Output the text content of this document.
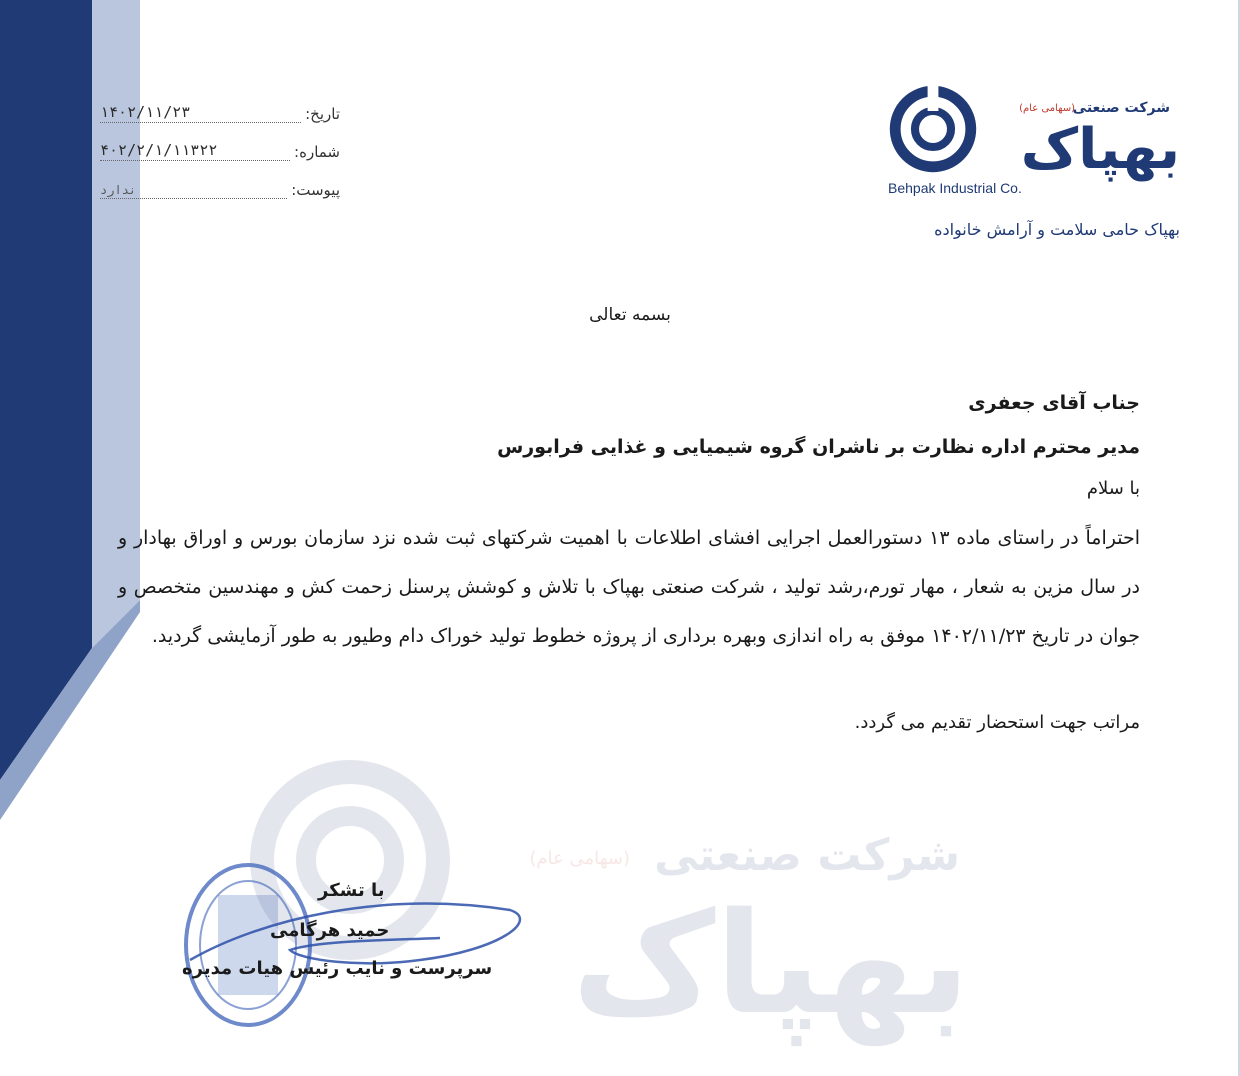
شرکت صنعتی
(سهامی عام)
بهپاک
تاریخ:
۱۴۰۲/۱۱/۲۳
شماره:
۴۰۲/۲/۱/۱۱۳۲۲
پیوست:
ندارد
شرکت صنعتی
(سهامی عام)
بهپاک
Behpak Industrial Co.
بهپاک حامی سلامت و آرامش خانواده
بسمه تعالی
جناب آقای جعفری
مدیر محترم اداره نظارت بر ناشران گروه شیمیایی و غذایی فرابورس
با سلام
احتراماً در راستای ماده ۱۳ دستورالعمل اجرایی افشای اطلاعات با اهمیت شرکتهای ثبت شده نزد سازمان بورس و اوراق بهادار و در سال مزین به شعار ، مهار تورم،رشد تولید ، شرکت صنعتی بهپاک با تلاش و کوشش پرسنل زحمت کش و مهندسین متخصص و جوان در تاریخ ۱۴۰۲/۱۱/۲۳ موفق به راه اندازی وبهره برداری از پروژه خطوط تولید خوراک دام وطیور به طور آزمایشی گردید.
مراتب جهت استحضار تقدیم می گردد.
با تشکر
حمید هرگامی
سرپرست و نایب رئیس هیات مدیره
